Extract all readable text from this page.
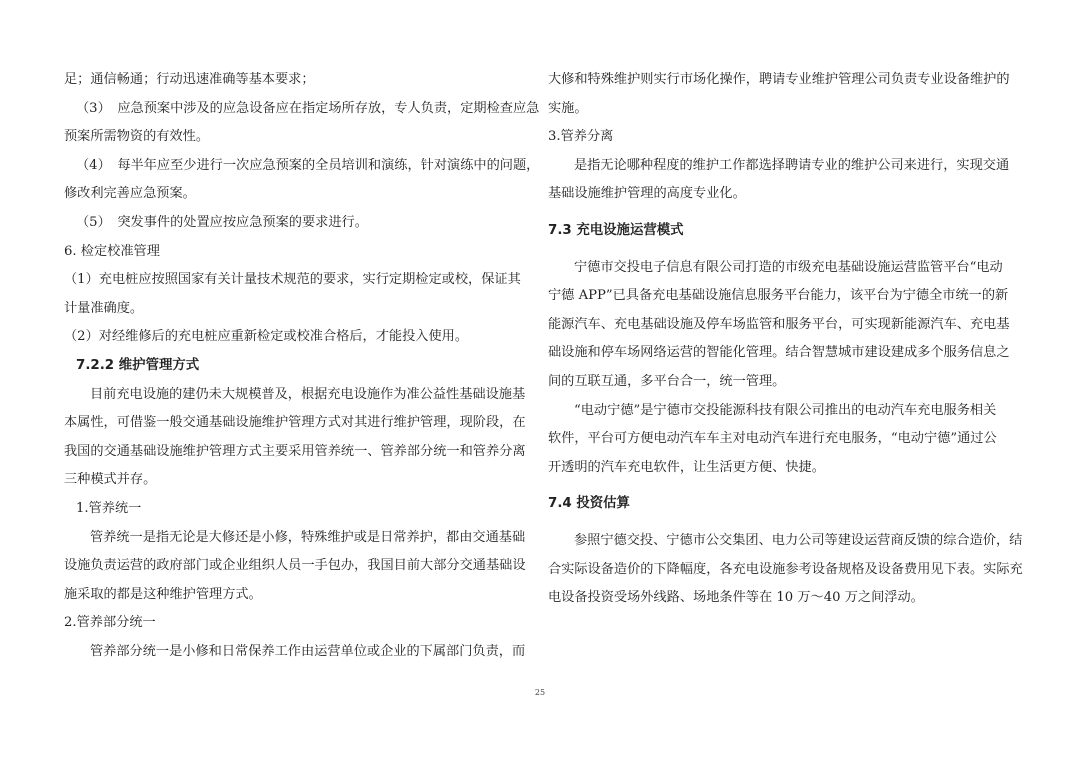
足；通信畅通；行动迅速准确等基本要求；

（3）　应急预案中涉及的应急设备应在指定场所存放，专人负责，定期检查应急

预案所需物资的有效性。

（4）　每半年应至少进行一次应急预案的全员培训和演练，针对演练中的问题，

修改利完善应急预案。

（5）　突发事件的处置应按应急预案的要求进行。

6. 检定校准管理

（1）充电桩应按照国家有关计量技术规范的要求，实行定期检定或校，保证其

计量准确度。

（2）对经维修后的充电桩应重新检定或校准合格后，才能投入使用。

7.2.2 维护管理方式

目前充电设施的建仍未大规模普及，根据充电设施作为准公益性基础设施基

本属性，可借鉴一般交通基础设施维护管理方式对其进行维护管理，现阶段，在

我国的交通基础设施维护管理方式主要采用管养统一、管养部分统一和管养分离

三种模式并存。

1.管养统一

管养统一是指无论是大修还是小修，特殊维护或是日常养护，都由交通基础

设施负责运营的政府部门或企业组织人员一手包办，我国目前大部分交通基础设

施采取的都是这种维护管理方式。

2.管养部分统一

管养部分统一是小修和日常保养工作由运营单位或企业的下属部门负责，而

大修和特殊维护则实行市场化操作，聘请专业维护管理公司负责专业设备维护的

实施。

3.管养分离

是指无论哪种程度的维护工作都选择聘请专业的维护公司来进行，实现交通

基础设施维护管理的高度专业化。

7.3 充电设施运营模式

宁德市交投电子信息有限公司打造的市级充电基础设施运营监管平台“电动

宁德 APP”已具备充电基础设施信息服务平台能力，该平台为宁德全市统一的新

能源汽车、充电基础设施及停车场监管和服务平台，可实现新能源汽车、充电基

础设施和停车场网络运营的智能化管理。结合智慧城市建设建成多个服务信息之

间的互联互通，多平台合一，统一管理。

“电动宁德”是宁德市交投能源科技有限公司推出的电动汽车充电服务相关

软件，平台可方便电动汽车车主对电动汽车进行充电服务，“电动宁德”通过公

开透明的汽车充电软件，让生活更方便、快捷。

7.4 投资估算

参照宁德交投、宁德市公交集团、电力公司等建设运营商反馈的综合造价，结

合实际设备造价的下降幅度，各充电设施参考设备规格及设备费用见下表。实际充

电设备投资受场外线路、场地条件等在 10 万～40 万之间浮动。

25
